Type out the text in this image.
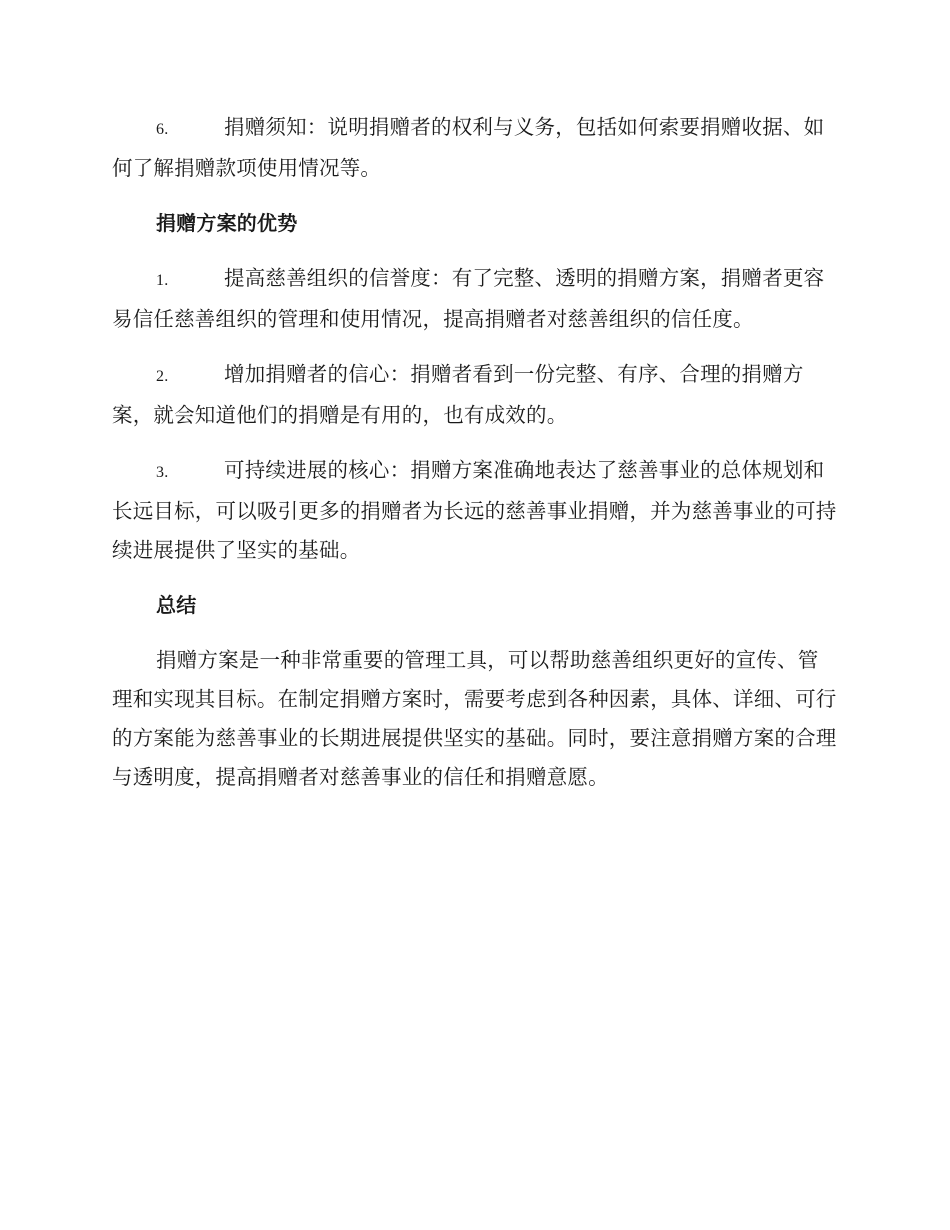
6.	捐赠须知：说明捐赠者的权利与义务，包括如何索要捐赠收据、如何了解捐赠款项使用情况等。

捐赠方案的优势

1.	提高慈善组织的信誉度：有了完整、透明的捐赠方案，捐赠者更容易信任慈善组织的管理和使用情况，提高捐赠者对慈善组织的信任度。

2.	增加捐赠者的信心：捐赠者看到一份完整、有序、合理的捐赠方案，就会知道他们的捐赠是有用的，也有成效的。

3.	可持续进展的核心：捐赠方案准确地表达了慈善事业的总体规划和长远目标，可以吸引更多的捐赠者为长远的慈善事业捐赠，并为慈善事业的可持续进展提供了坚实的基础。

总结

捐赠方案是一种非常重要的管理工具，可以帮助慈善组织更好的宣传、管理和实现其目标。在制定捐赠方案时，需要考虑到各种因素，具体、详细、可行的方案能为慈善事业的长期进展提供坚实的基础。同时，要注意捐赠方案的合理与透明度，提高捐赠者对慈善事业的信任和捐赠意愿。
